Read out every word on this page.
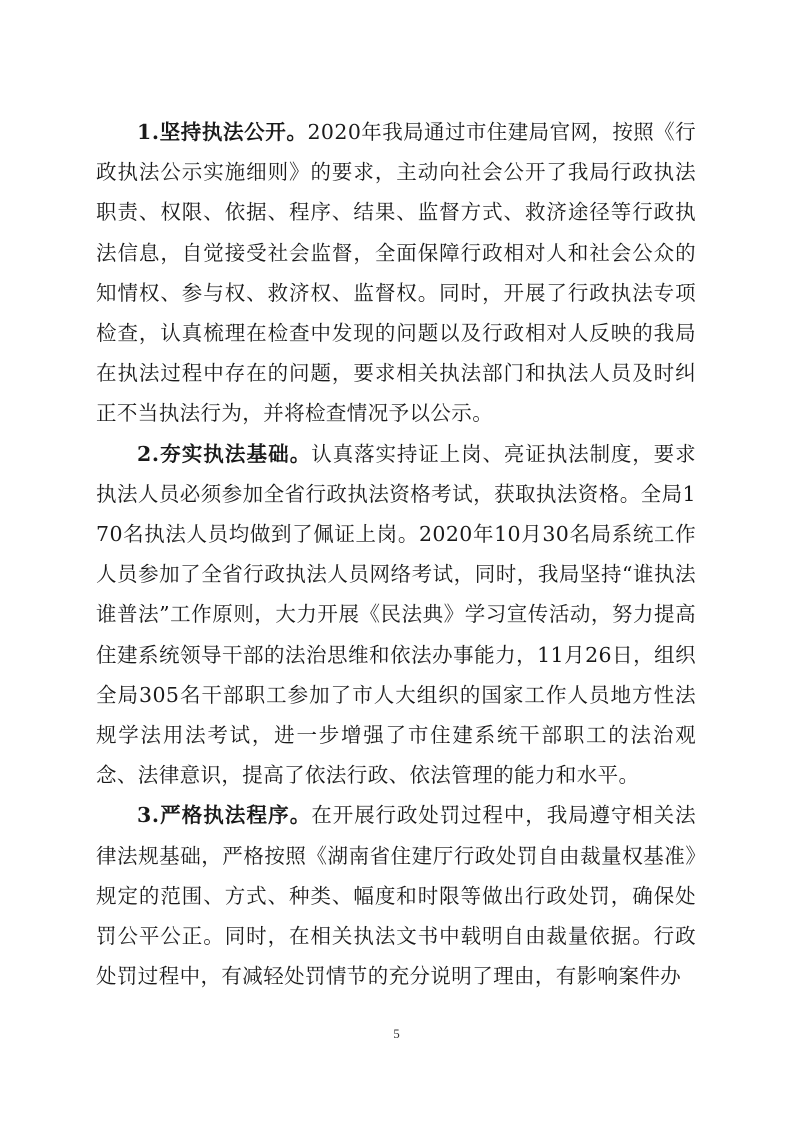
1.坚持执法公开。2020年我局通过市住建局官网，按照《行政执法公示实施细则》的要求，主动向社会公开了我局行政执法职责、权限、依据、程序、结果、监督方式、救济途径等行政执法信息，自觉接受社会监督，全面保障行政相对人和社会公众的知情权、参与权、救济权、监督权。同时，开展了行政执法专项检查，认真梳理在检查中发现的问题以及行政相对人反映的我局在执法过程中存在的问题，要求相关执法部门和执法人员及时纠正不当执法行为，并将检查情况予以公示。

2.夯实执法基础。认真落实持证上岗、亮证执法制度，要求执法人员必须参加全省行政执法资格考试，获取执法资格。全局170名执法人员均做到了佩证上岗。2020年10月30名局系统工作人员参加了全省行政执法人员网络考试，同时，我局坚持“谁执法谁普法”工作原则，大力开展《民法典》学习宣传活动，努力提高住建系统领导干部的法治思维和依法办事能力，11月26日，组织全局305名干部职工参加了市人大组织的国家工作人员地方性法规学法用法考试，进一步增强了市住建系统干部职工的法治观念、法律意识，提高了依法行政、依法管理的能力和水平。

3.严格执法程序。在开展行政处罚过程中，我局遵守相关法律法规基础，严格按照《湖南省住建厅行政处罚自由裁量权基准》规定的范围、方式、种类、幅度和时限等做出行政处罚，确保处罚公平公正。同时，在相关执法文书中载明自由裁量依据。行政处罚过程中，有减轻处罚情节的充分说明了理由，有影响案件办

5
